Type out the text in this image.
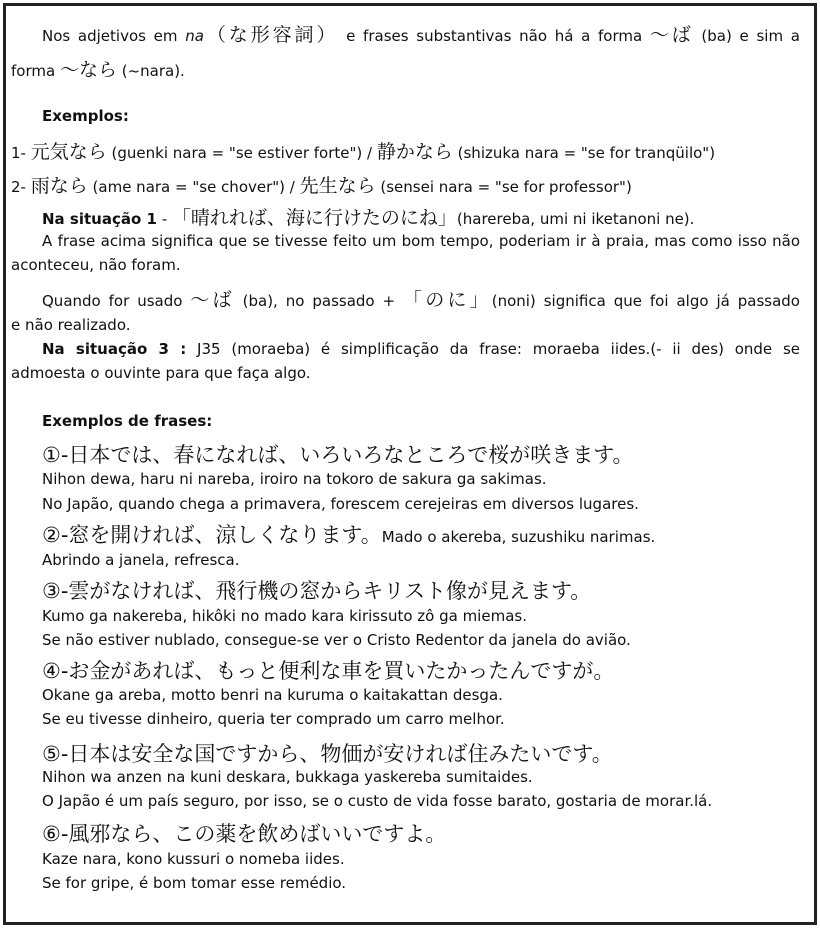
Nos adjetivos em na（な形容詞） e frases substantivas não há a forma ～ば (ba) e sim a
forma ～なら (~nara).
Exemplos:
1- 元気なら (guenki nara = "se estiver forte") / 静かなら (shizuka nara = "se for tranqüilo")
2- 雨なら (ame nara = "se chover") / 先生なら (sensei nara = "se for professor")
Na situação 1 - 「晴れれば、海に行けたのにね」(harereba, umi ni iketanoni ne).
A frase acima significa que se tivesse feito um bom tempo, poderiam ir à praia, mas como isso não
aconteceu, não foram.
Quando for usado ～ば (ba), no passado + 「のに」(noni) significa que foi algo já passado
e não realizado.
Na situação 3 : J35 (moraeba) é simplificação da frase: moraeba iides.(- ii des) onde se
admoesta o ouvinte para que faça algo.
Exemplos de frases:
①-日本では、春になれば、いろいろなところで桜が咲きます。
Nihon dewa, haru ni nareba, iroiro na tokoro de sakura ga sakimas.
No Japão, quando chega a primavera, forescem cerejeiras em diversos lugares.
②-窓を開ければ、涼しくなります。Mado o akereba, suzushiku narimas.
Abrindo a janela, refresca.
③-雲がなければ、飛行機の窓からキリスト像が見えます。
Kumo ga nakereba, hikôki no mado kara kirissuto zô ga miemas.
Se não estiver nublado, consegue-se ver o Cristo Redentor da janela do avião.
④-お金があれば、もっと便利な車を買いたかったんですが。
Okane ga areba, motto benri na kuruma o kaitakattan desga.
Se eu tivesse dinheiro, queria ter comprado um carro melhor.
⑤-日本は安全な国ですから、物価が安ければ住みたいです。
Nihon wa anzen na kuni deskara, bukkaga yaskereba sumitaides.
O Japão é um país seguro, por isso, se o custo de vida fosse barato, gostaria de morar.lá.
⑥-風邪なら、この薬を飲めばいいですよ。
Kaze nara, kono kussuri o nomeba iides.
Se for gripe, é bom tomar esse remédio.
